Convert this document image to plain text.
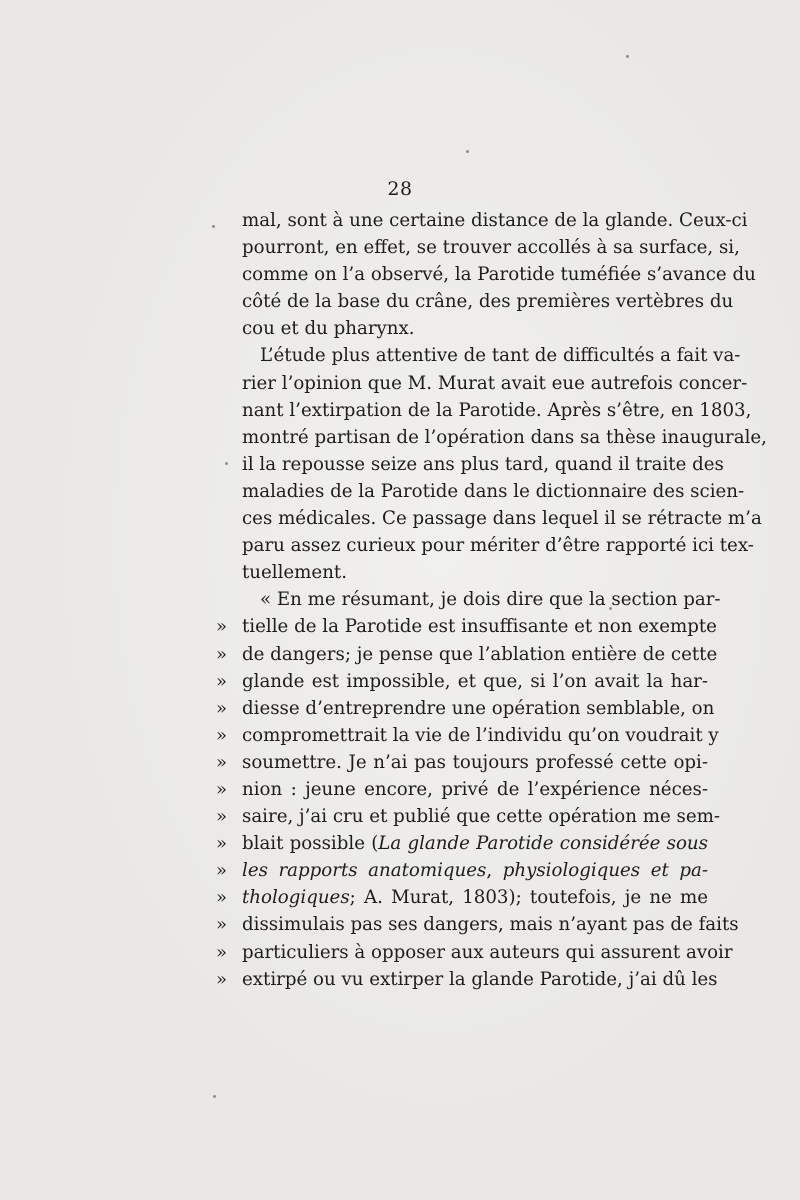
28
mal, sont à une certaine distance de la glande. Ceux-ci
pourront, en effet, se trouver accollés à sa surface, si,
comme on l’a observé, la Parotide tuméfiée s’avance du
côté de la base du crâne, des premières vertèbres du
cou et du pharynx.
L’étude plus attentive de tant de difficultés a fait va-
rier l’opinion que M. Murat avait eue autrefois concer-
nant l’extirpation de la Parotide. Après s’être, en 1803,
montré partisan de l’opération dans sa thèse inaugurale,
il la repousse seize ans plus tard, quand il traite des
maladies de la Parotide dans le dictionnaire des scien-
ces médicales. Ce passage dans lequel il se rétracte m’a
paru assez curieux pour mériter d’être rapporté ici tex-
tuellement.
« En me résumant, je dois dire que la section par-
» tielle de la Parotide est insuffisante et non exempte
» de dangers; je pense que l’ablation entière de cette
» glande est impossible, et que, si l’on avait la har-
» diesse d’entreprendre une opération semblable, on
» compromettrait la vie de l’individu qu’on voudrait y
» soumettre. Je n’ai pas toujours professé cette opi-
» nion : jeune encore, privé de l’expérience néces-
» saire, j’ai cru et publié que cette opération me sem-
» blait possible (La glande Parotide considérée sous
» les rapports anatomiques, physiologiques et pa-
» thologiques; A. Murat, 1803); toutefois, je ne me
» dissimulais pas ses dangers, mais n’ayant pas de faits
» particuliers à opposer aux auteurs qui assurent avoir
» extirpé ou vu extirper la glande Parotide, j’ai dû les
